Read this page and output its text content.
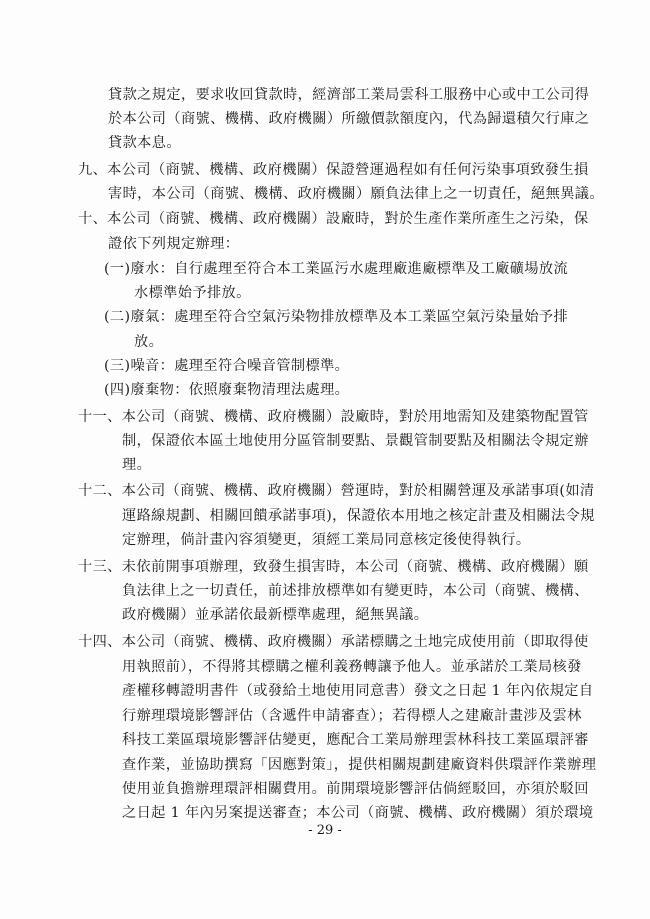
貸款之規定，要求收回貸款時，經濟部工業局雲科工服務中心或中工公司得
於本公司（商號、機構、政府機關）所繳價款額度內，代為歸還積欠行庫之
貸款本息。
九、本公司（商號、機構、政府機關）保證營運過程如有任何污染事項致發生損
害時，本公司（商號、機構、政府機關）願負法律上之一切責任，絕無異議。
十、本公司（商號、機構、政府機關）設廠時，對於生產作業所產生之污染，保
證依下列規定辦理：
(一)廢水：自行處理至符合本工業區污水處理廠進廠標準及工廠礦場放流
水標準始予排放。
(二)廢氣：處理至符合空氣污染物排放標準及本工業區空氣污染量始予排
放。
(三)噪音：處理至符合噪音管制標準。
(四)廢棄物：依照廢棄物清理法處理。
十一、本公司（商號、機構、政府機關）設廠時，對於用地需知及建築物配置管
制，保證依本區土地使用分區管制要點、景觀管制要點及相關法令規定辦
理。
十二、本公司（商號、機構、政府機關）營運時，對於相關營運及承諾事項(如清
運路線規劃、相關回饋承諾事項)，保證依本用地之核定計畫及相關法令規
定辦理，倘計畫內容須變更，須經工業局同意核定後使得執行。
十三、未依前開事項辦理，致發生損害時，本公司（商號、機構、政府機關）願
負法律上之一切責任，前述排放標準如有變更時，本公司（商號、機構、
政府機關）並承諾依最新標準處理，絕無異議。
十四、本公司（商號、機構、政府機關）承諾標購之土地完成使用前（即取得使
用執照前），不得將其標購之權利義務轉讓予他人。並承諾於工業局核發
產權移轉證明書件（或發給土地使用同意書）發文之日起 1 年內依規定自
行辦理環境影響評估（含遞件申請審查）；若得標人之建廠計畫涉及雲林
科技工業區環境影響評估變更，應配合工業局辦理雲林科技工業區環評審
查作業，並協助撰寫「因應對策」，提供相關規劃建廠資料供環評作業辦理
使用並負擔辦理環評相關費用。前開環境影響評估倘經駁回，亦須於駁回
之日起 1 年內另案提送審查；本公司（商號、機構、政府機關）須於環境
- 29 -
